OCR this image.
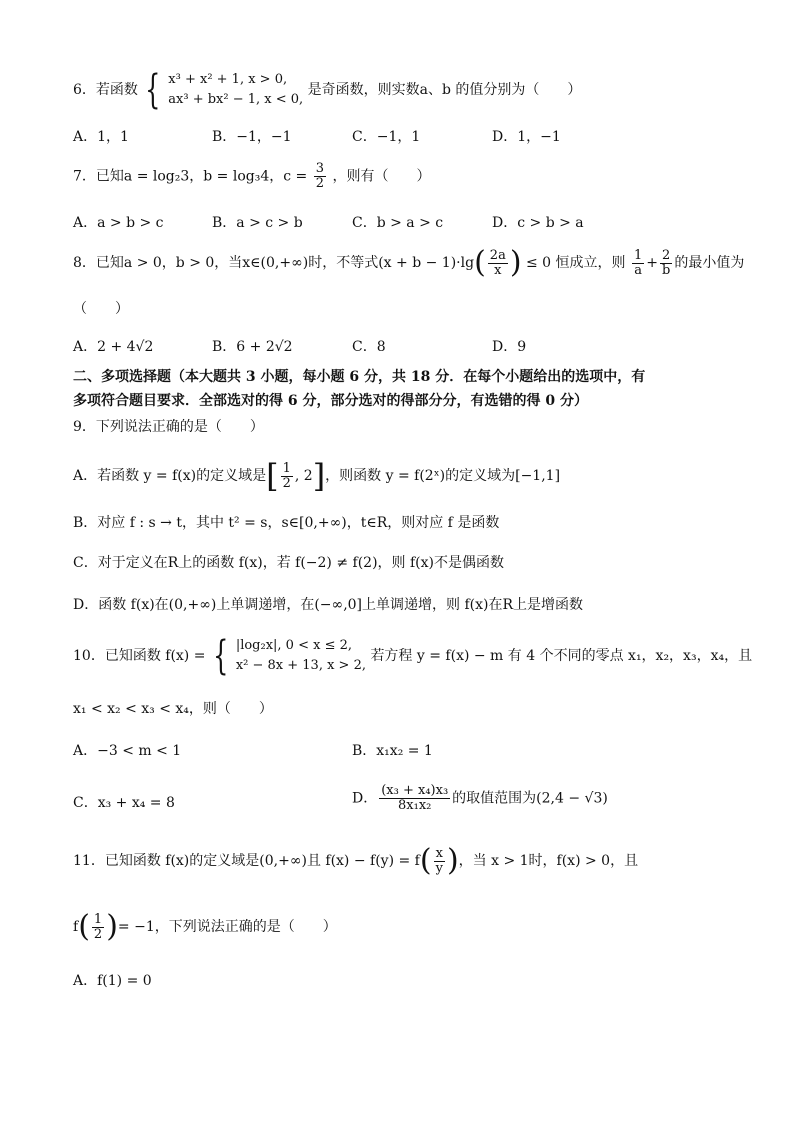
6．若函数 { x³ + x² + 1, x > 0,
ax³ + bx² − 1, x < 0,
是奇函数，则实数a、b 的值分别为（　　）
A．1，1	B．−1，−1	C．−1，1	D．1，−1
7．已知a = log₂3，b = log₃4，$c = \frac{3}{2}$ ，则有（　　）
A．a > b > c	B．a > c > b	C．b > a > c	D．c > b > a
8．已知a > 0，b > 0，当x∈(0,+∞)时，不等式$(x + b - 1)\cdot\lg( \frac{2a}{x}$ ) ≤ 0 恒成立，则 $\frac{1}{a} + \frac{2}{b}$ 的最小值为
（　　）
A．2 + 4√2	B．6 + 2√2	C．8	D．9
二、多项选择题（本大题共 3 小题，每小题 6 分，共 18 分．在每个小题给出的选项中，有
多项符合题目要求．全部选对的得 6 分，部分选对的得部分分，有选错的得 0 分）
9．下列说法正确的是（　　）
A．若函数 y = f(x)的定义域是[ $\frac{1}{2}$ , 2]，则函数 y = f(2ˣ)的定义域为[−1,1]
B．对应 f : s → t，其中 t² = s，s∈[0,+∞)，t∈R，则对应 f 是函数
C．对于定义在R上的函数 f(x)，若 f(−2) ≠ f(2)，则 f(x)不是偶函数
D．函数 f(x)在(0,+∞)上单调递增，在(−∞,0]上单调递增，则 f(x)在R上是增函数
10．已知函数 f(x) = { |log₂x|, 0 < x ≤ 2,
x² − 8x + 13, x > 2,
若方程 y = f(x) − m 有 4 个不同的零点 x₁，x₂，x₃，x₄，且
x₁ < x₂ < x₃ < x₄，则（　　）
A．−3 < m < 1	B．x₁x₂ = 1
C．x₃ + x₄ = 8	D． $\frac{\text{(x₃ + x₄)x₃}}{\text{8x₁x₂}}$ 的取值范围为(2,4 − √3)
11．已知函数 f(x)的定义域是(0,+∞)且 $f(x) - f(y) = f( \frac{x}{y}$ )，当 x > 1时，f(x) > 0，且
$f( \frac{1}{2}$ )= −1，下列说法正确的是（　　）
A．f(1) = 0
